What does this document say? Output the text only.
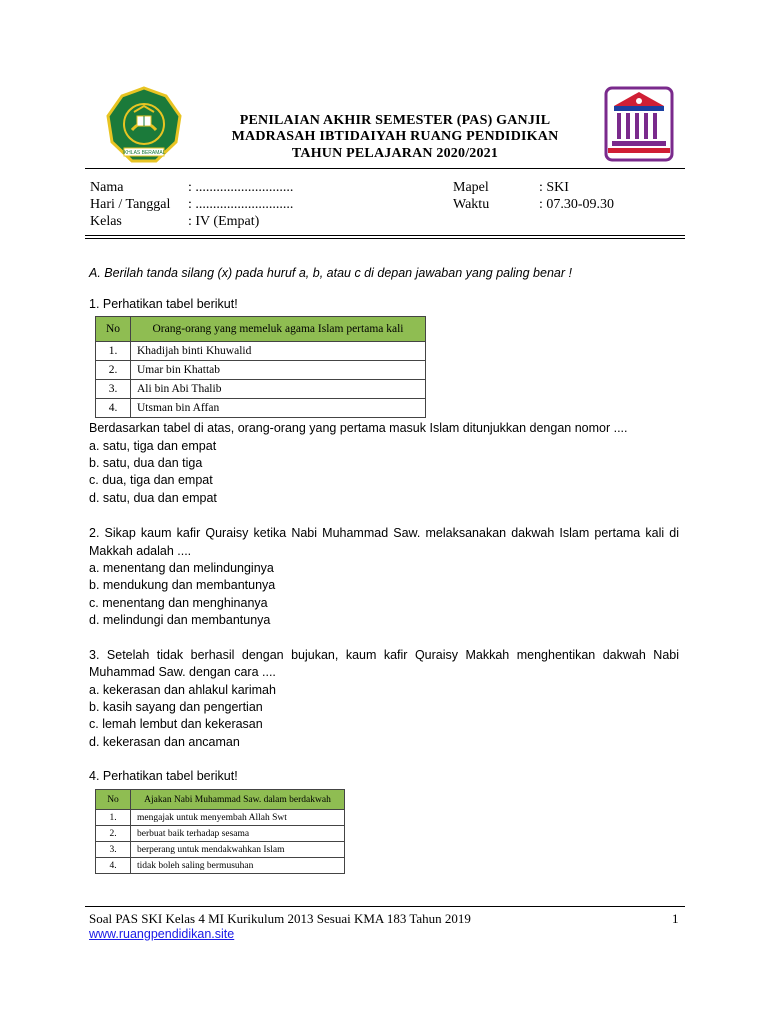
IKHLAS BERAMAL
PENILAIAN AKHIR SEMESTER (PAS) GANJIL
MADRASAH IBTIDAIYAH RUANG PENDIDIKAN
TAHUN PELAJARAN 2020/2021
Nama	: ............................
Hari / Tanggal : ............................
Kelas	: IV (Empat)
Mapel	: SKI
Waktu	: 07.30-09.30
A. Berilah tanda silang (x) pada huruf a, b, atau c di depan jawaban yang paling benar !
1. Perhatikan tabel berikut!
No	Orang-orang yang memeluk agama Islam pertama kali
1.	Khadijah binti Khuwalid
2.	Umar bin Khattab
3.	Ali bin Abi Thalib
4.	Utsman bin Affan
Berdasarkan tabel di atas, orang-orang yang pertama masuk Islam ditunjukkan dengan nomor ....
a. satu, tiga dan empat
b. satu, dua dan tiga
c. dua, tiga dan empat
d. satu, dua dan empat
2. Sikap kaum kafir Quraisy ketika Nabi Muhammad Saw. melaksanakan dakwah Islam pertama kali di
Makkah adalah ....
a. menentang dan melindunginya
b. mendukung dan membantunya
c. menentang dan menghinanya
d. melindungi dan membantunya
3. Setelah tidak berhasil dengan bujukan, kaum kafir Quraisy Makkah menghentikan dakwah Nabi
Muhammad Saw. dengan cara ....
a. kekerasan dan ahlakul karimah
b. kasih sayang dan pengertian
c. lemah lembut dan kekerasan
d. kekerasan dan ancaman
4. Perhatikan tabel berikut!
No	Ajakan Nabi Muhammad Saw. dalam berdakwah
1.	mengajak untuk menyembah Allah Swt
2.	berbuat baik terhadap sesama
3.	berperang untuk mendakwahkan Islam
4.	tidak boleh saling bermusuhan
Soal PAS SKI Kelas 4 MI Kurikulum 2013 Sesuai KMA 183 Tahun 2019	1
www.ruangpendidikan.site
